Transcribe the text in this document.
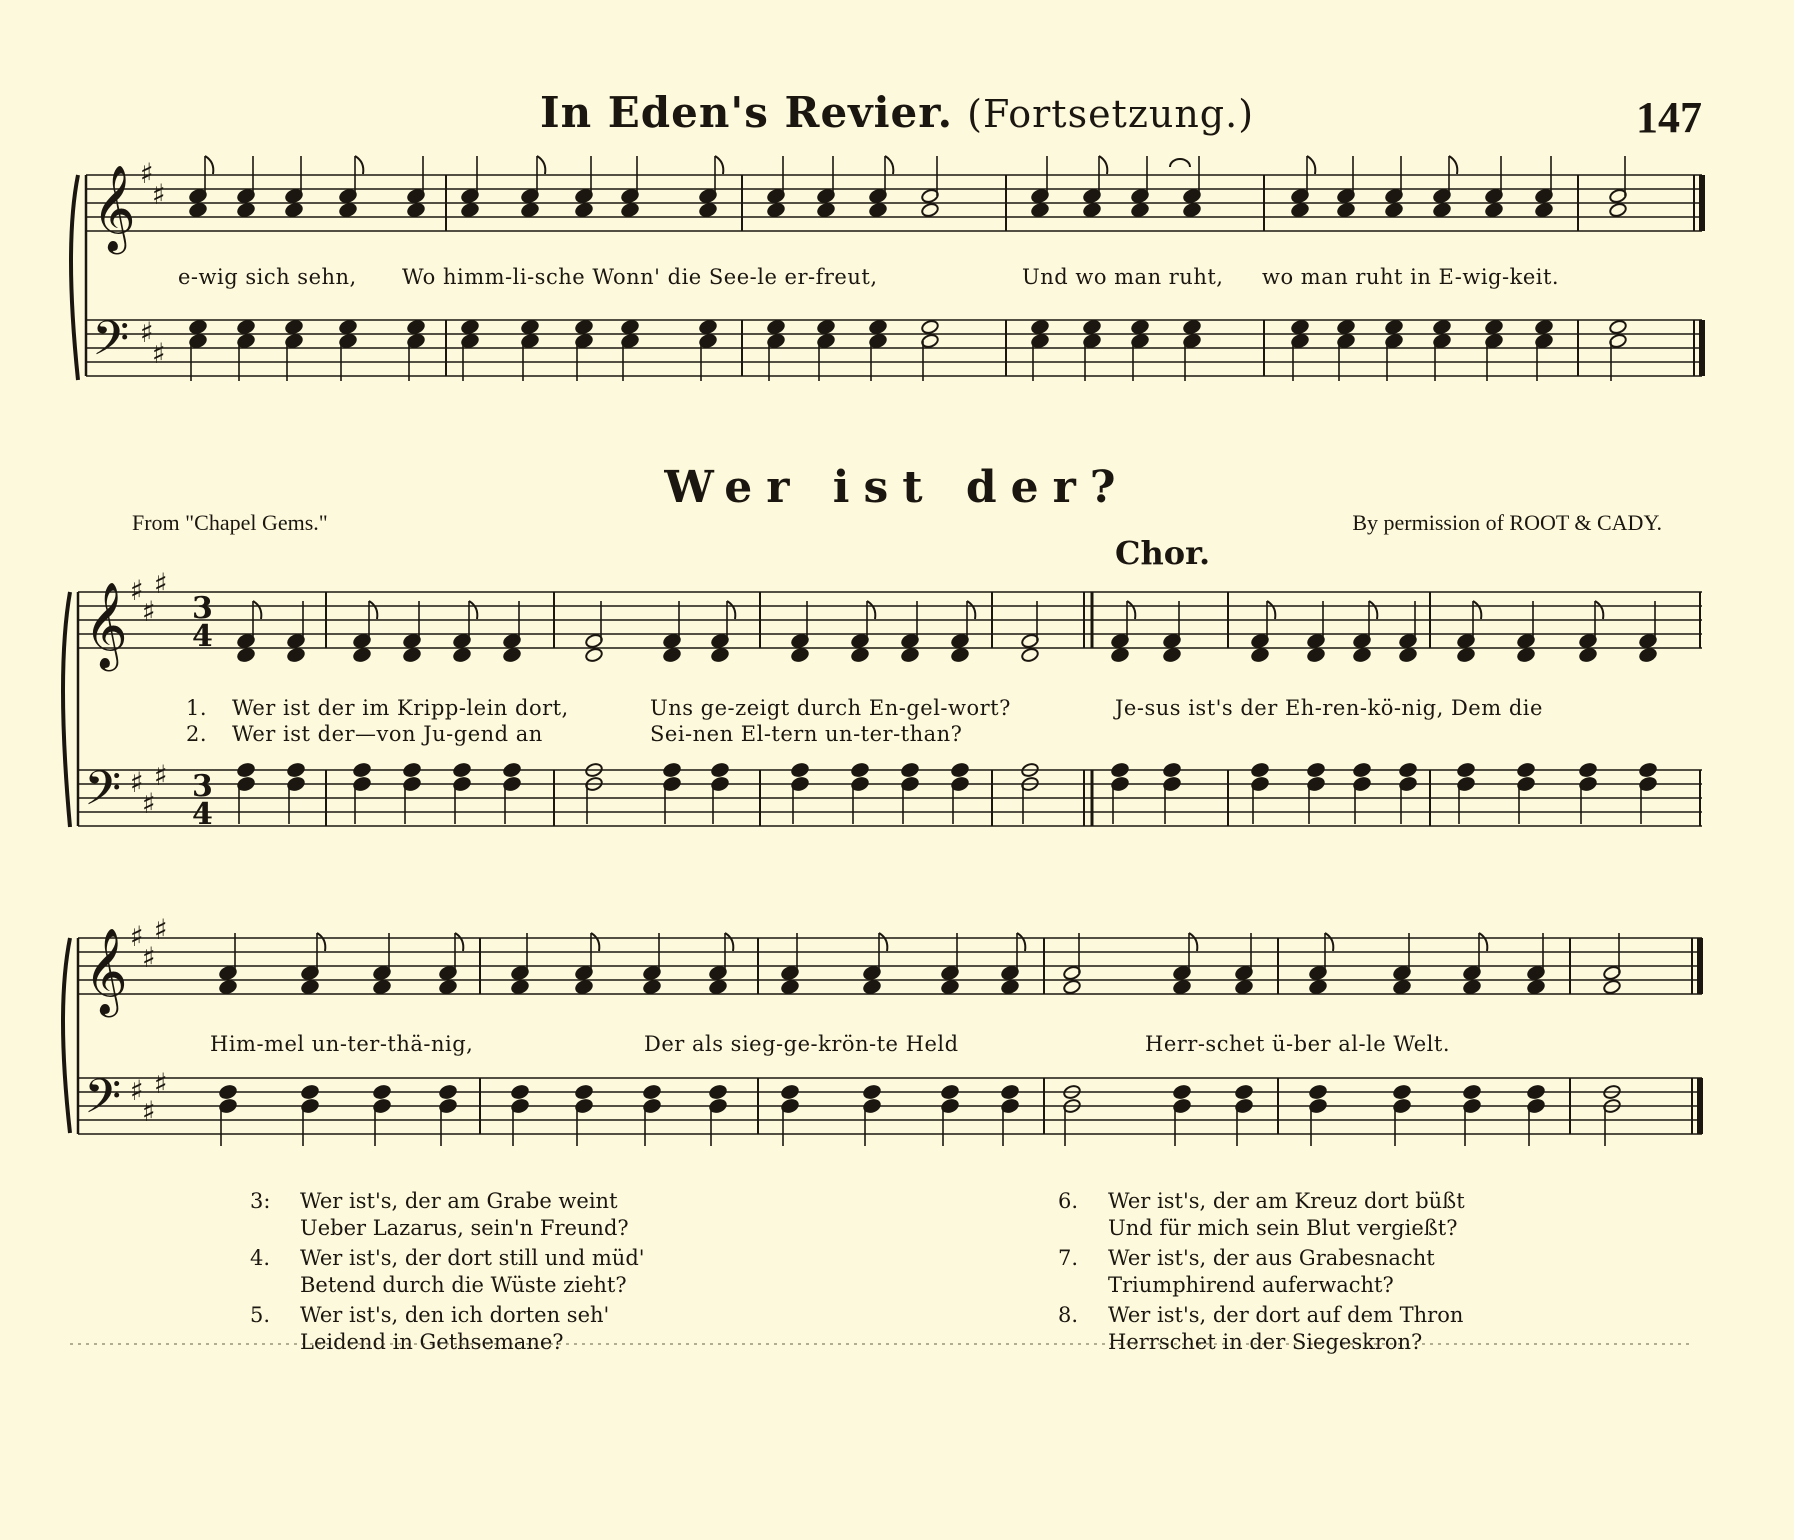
In Eden's Revier. (Fortsetzung.)	147
𝄞 ♯
♯
𝄢 ♯
♯
𝄞 ♯
♯
♯
𝄢 ♯
♯
♯
3
4
3
4
𝄞 ♯
♯
♯
𝄢 ♯
♯
♯
e-wig sich sehn, Wo himm-li-sche Wonn' die See-le er-freut,	Und wo man ruht, wo man ruht in E-wig-keit.
Wer ist der?
From "Chapel Gems."	By permission of ROOT & CADY.
Chor.
1. Wer ist der im Kripp-lein dort,	Uns ge-zeigt durch En-gel-wort?	Je-sus ist's der Eh-ren-kö-nig, Dem die
2. Wer ist der—von Ju-gend an	Sei-nen El-tern un-ter-than?
Him-mel un-ter-thä-nig,	Der als sieg-ge-krön-te Held	Herr-schet ü-ber al-le Welt.
3: Wer ist's, der am Grabe weint
Ueber Lazarus, sein'n Freund?
4. Wer ist's, der dort still und müd'
Betend durch die Wüste zieht?
5. Wer ist's, den ich dorten seh'
Leidend in Gethsemane?
6. Wer ist's, der am Kreuz dort büßt
Und für mich sein Blut vergießt?
7. Wer ist's, der aus Grabesnacht
Triumphirend auferwacht?
8. Wer ist's, der dort auf dem Thron
Herrschet in der Siegeskron?
